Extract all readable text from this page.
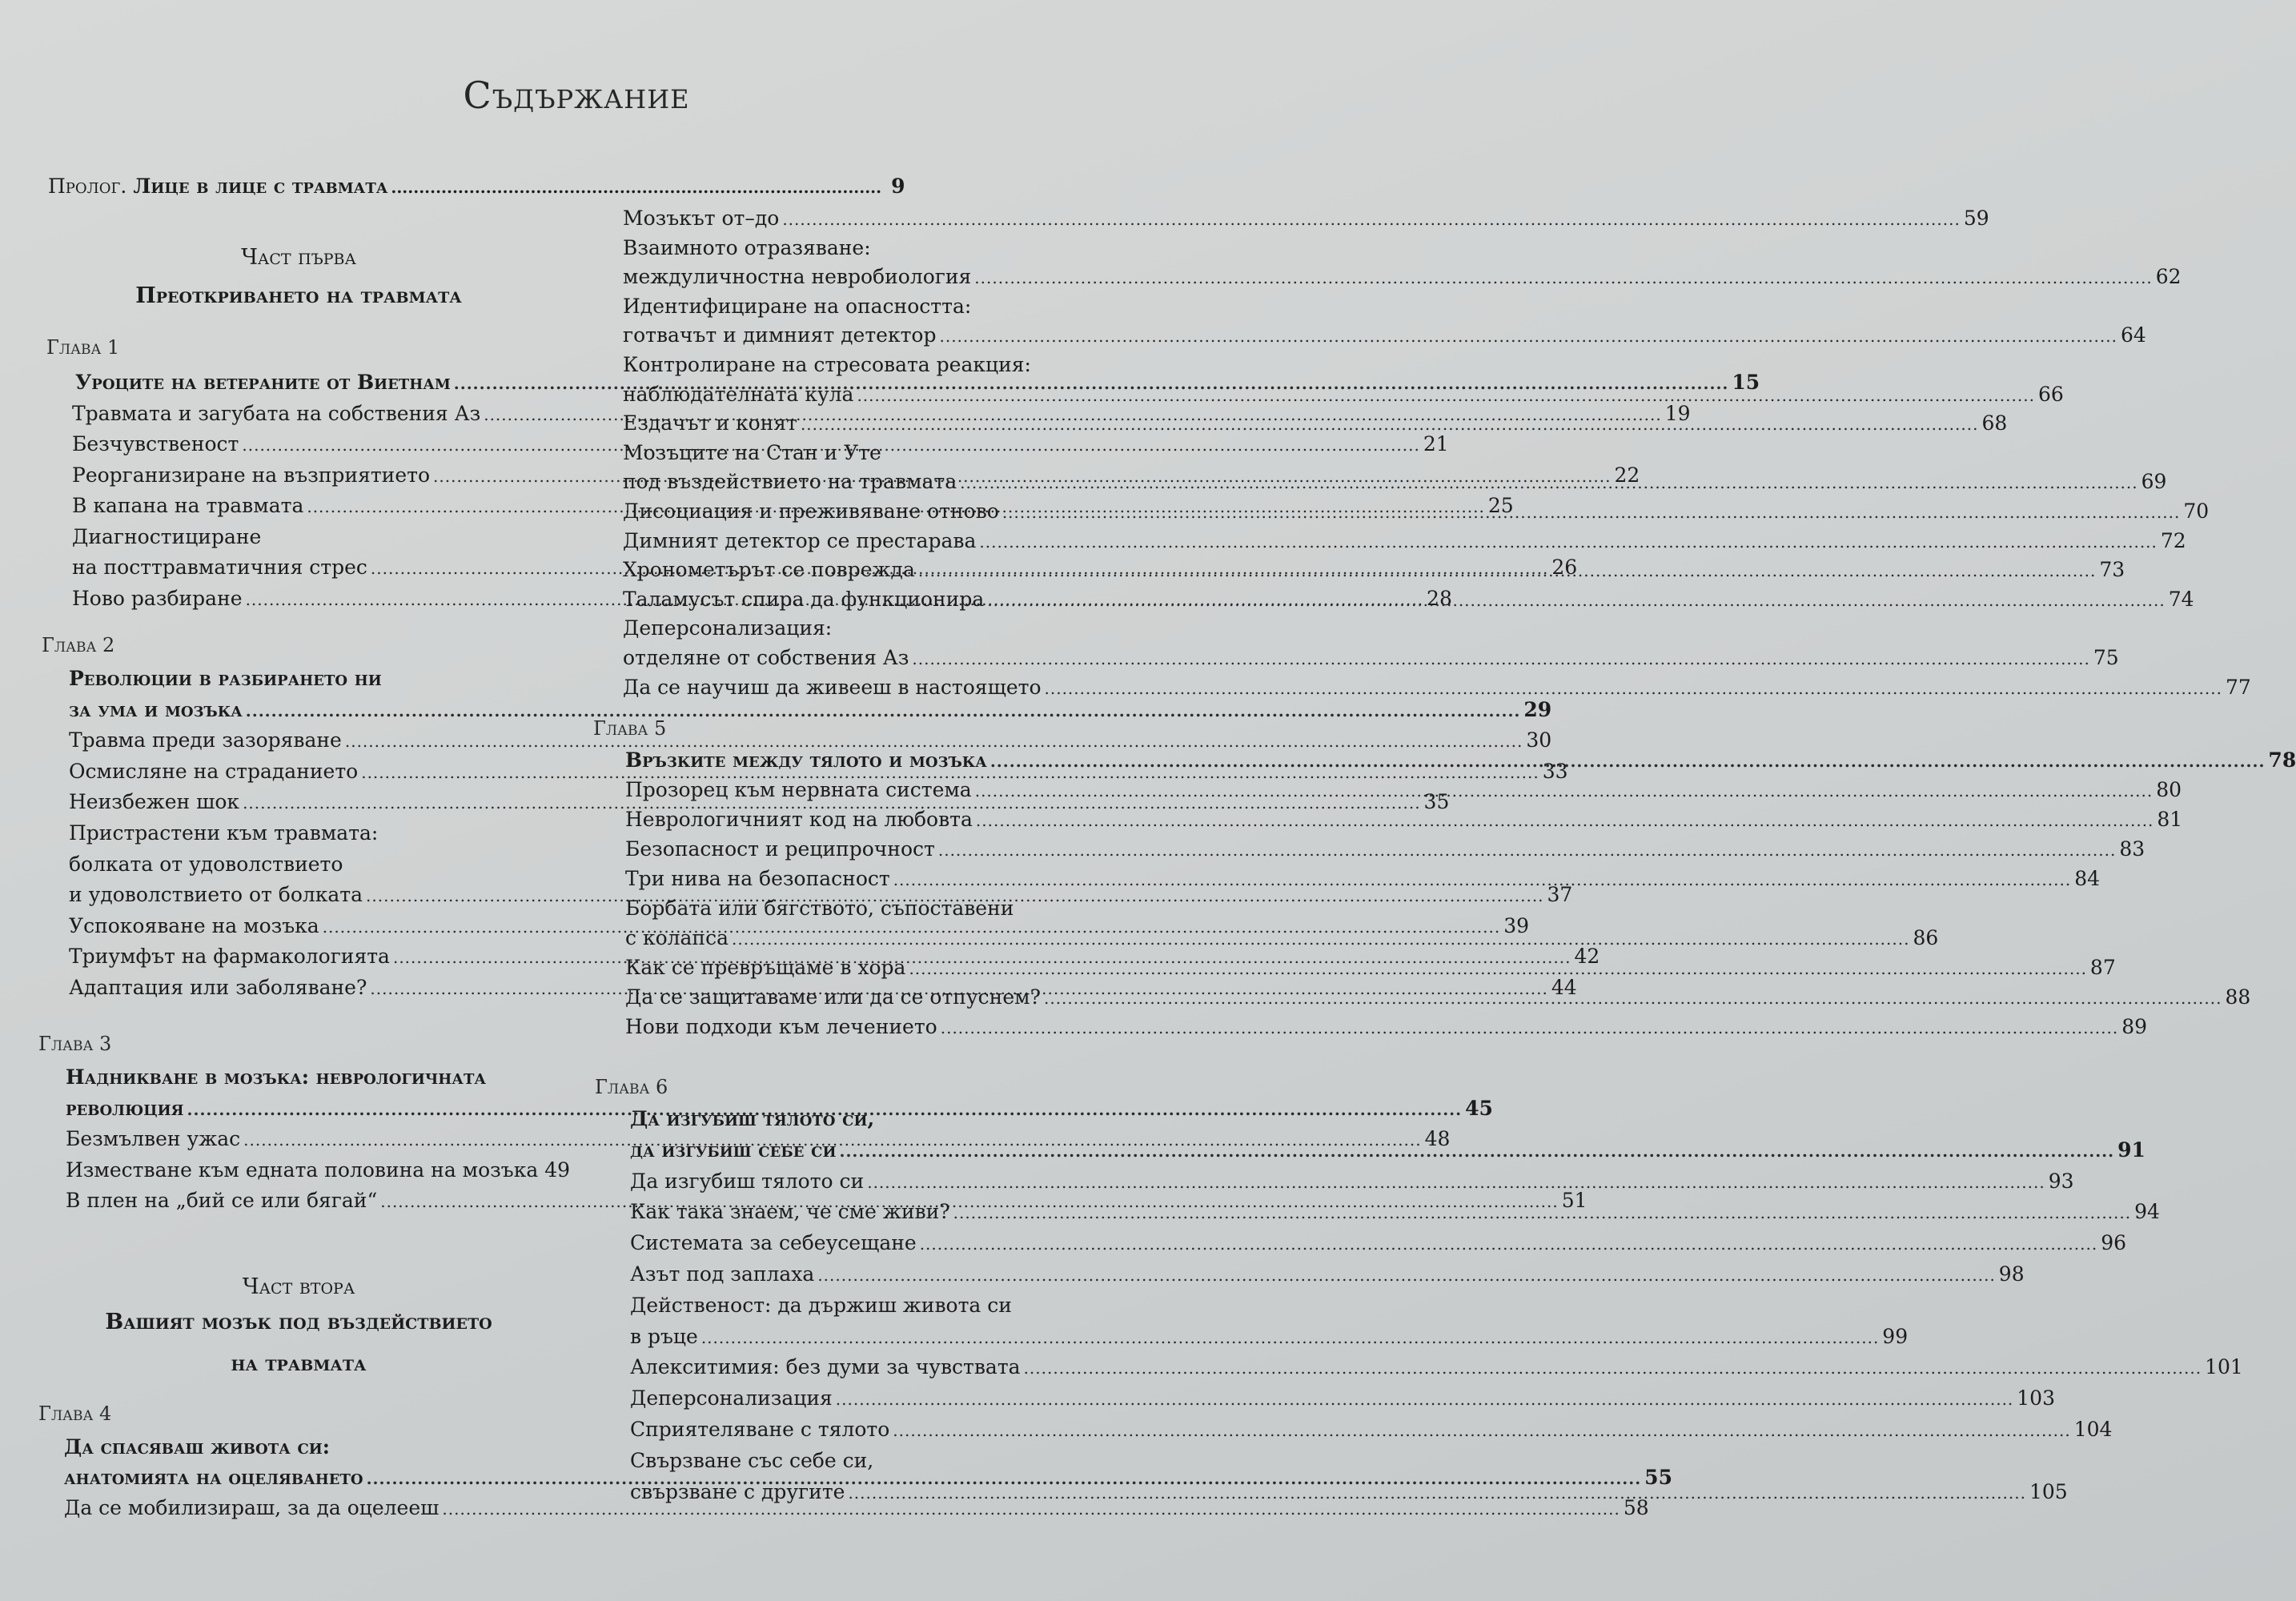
Съдържание
Пролог. Лице в лице с травмата ........................................................................................ 9
Част първа
Преоткриването на травмата
Глава 1
Уроците на ветераните от Виетнам .....	15
Травмата и загубата на собствения Аз .....	19
Безчувственост .....	21
Реорганизиране на възприятието .....	22
В капана на травмата .....	25
Диагностициране
на посттравматичния стрес .....	26
Ново разбиране .....	28
Глава 2
Революции в разбирането ни
за ума и мозъка .....	29
Травма преди зазоряване .....	30
Осмисляне на страданието .....	33
Неизбежен шок .....	35
Пристрастени към травмата:
болката от удоволствието
и удоволствието от болката .....	37
Успокояване на мозъка .....	39
Триумфът на фармакологията .....	42
Адаптация или заболяване? .....	44
Глава 3
Надникване в мозъка: неврологичната
революция .....	45
Безмълвен ужас .....	48
Изместване към едната половина на мозъка 49
В плен на „бий се или бягай“ .....	51
Част втора
Вашият мозък под въздействието
на травмата
Глава 4
Да спасяваш живота си:
анатомията на оцеляването .....	55
Да се мобилизираш, за да оцелееш .....	58
Мозъкът от–до .....	59
Взаимното отразяване:
междуличностна невробиология .....	62
Идентифициране на опасността:
готвачът и димният детектор .....	64
Контролиране на стресовата реакция:
наблюдателната кула .....	66
Ездачът и конят .....	68
Мозъците на Стан и Уте
под въздействието на травмата .....	69
Дисоциация и преживяване отново .....	70
Димният детектор се престарава .....	72
Хронометърът се поврежда .....	73
Таламусът спира да функционира .....	74
Деперсонализация:
отделяне от собствения Аз .....	75
Да се научиш да живееш в настоящето .....	77
Глава 5
Връзките между тялото и мозъка .....	78
Прозорец към нервната система .....	80
Неврологичният код на любовта .....	81
Безопасност и реципрочност .....	83
Три нива на безопасност .....	84
Борбата или бягството, съпоставени
с колапса .....	86
Как се превръщаме в хора .....	87
Да се защитаваме или да се отпуснем? .....	88
Нови подходи към лечението .....	89
Глава 6
Да изгубиш тялото си,
да изгубиш себе си .....	91
Да изгубиш тялото си .....	93
Как така знаем, че сме живи? .....	94
Системата за себеусещане .....	96
Азът под заплаха .....	98
Действеност: да държиш живота си
в ръце .....	99
Алекситимия: без думи за чувствата .....	101
Деперсонализация .....	103
Сприятеляване с тялото .....	104
Свързване със себе си,
свързване с другите .....	105
